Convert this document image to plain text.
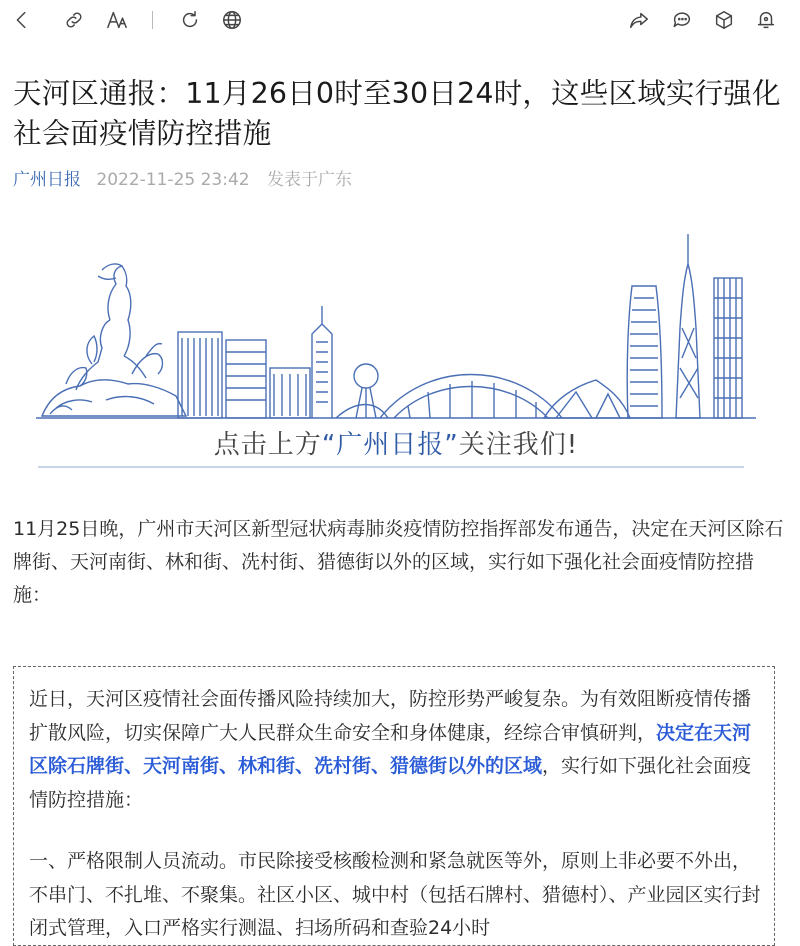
天河区通报：11月26日0时至30日24时，这些区域实行强化社会面疫情防控措施
广州日报 2022-11-25 23:42 发表于广东
点击上方“广州日报”关注我们!

11月25日晚，广州市天河区新型冠状病毒肺炎疫情防控指挥部发布通告，决定在天河区除石牌街、天河南街、林和街、冼村街、猎德街以外的区域，实行如下强化社会面疫情防控措施：

近日，天河区疫情社会面传播风险持续加大，防控形势严峻复杂。为有效阻断疫情传播扩散风险，切实保障广大人民群众生命安全和身体健康，经综合审慎研判，决定在天河区除石牌街、天河南街、林和街、冼村街、猎德街以外的区域，实行如下强化社会面疫情防控措施：

一、严格限制人员流动。市民除接受核酸检测和紧急就医等外，原则上非必要不外出，不串门、不扎堆、不聚集。社区小区、城中村（包括石牌村、猎德村）、产业园区实行封闭式管理，入口严格实行测温、扫场所码和查验24小时
